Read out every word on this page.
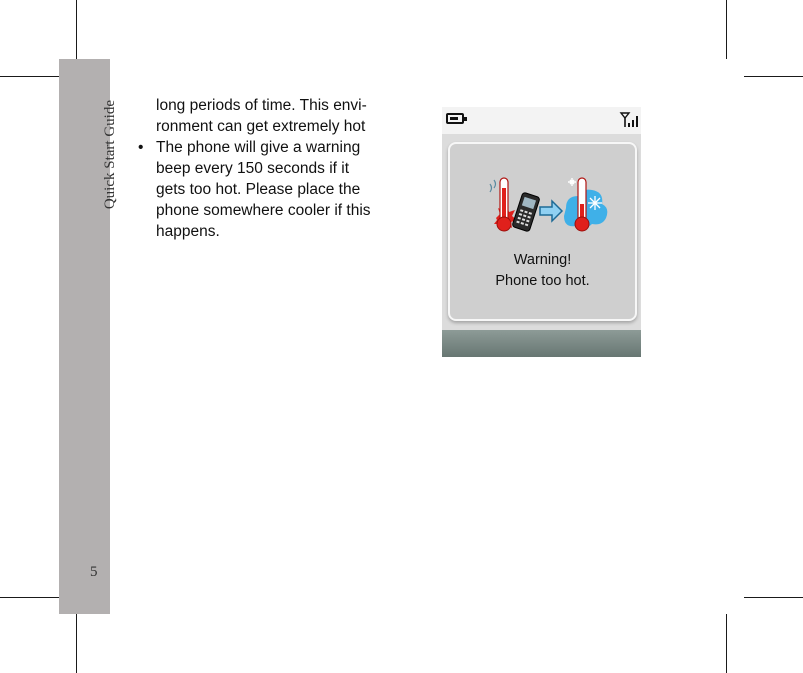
Quick Start Guide
5

long periods of time. This envi-

ronment can get extremely hot

• The phone will give a warning
beep every 150 seconds if it
gets too hot. Please place the
phone somewhere cooler if this
happens.
Warning!
Phone too hot.
